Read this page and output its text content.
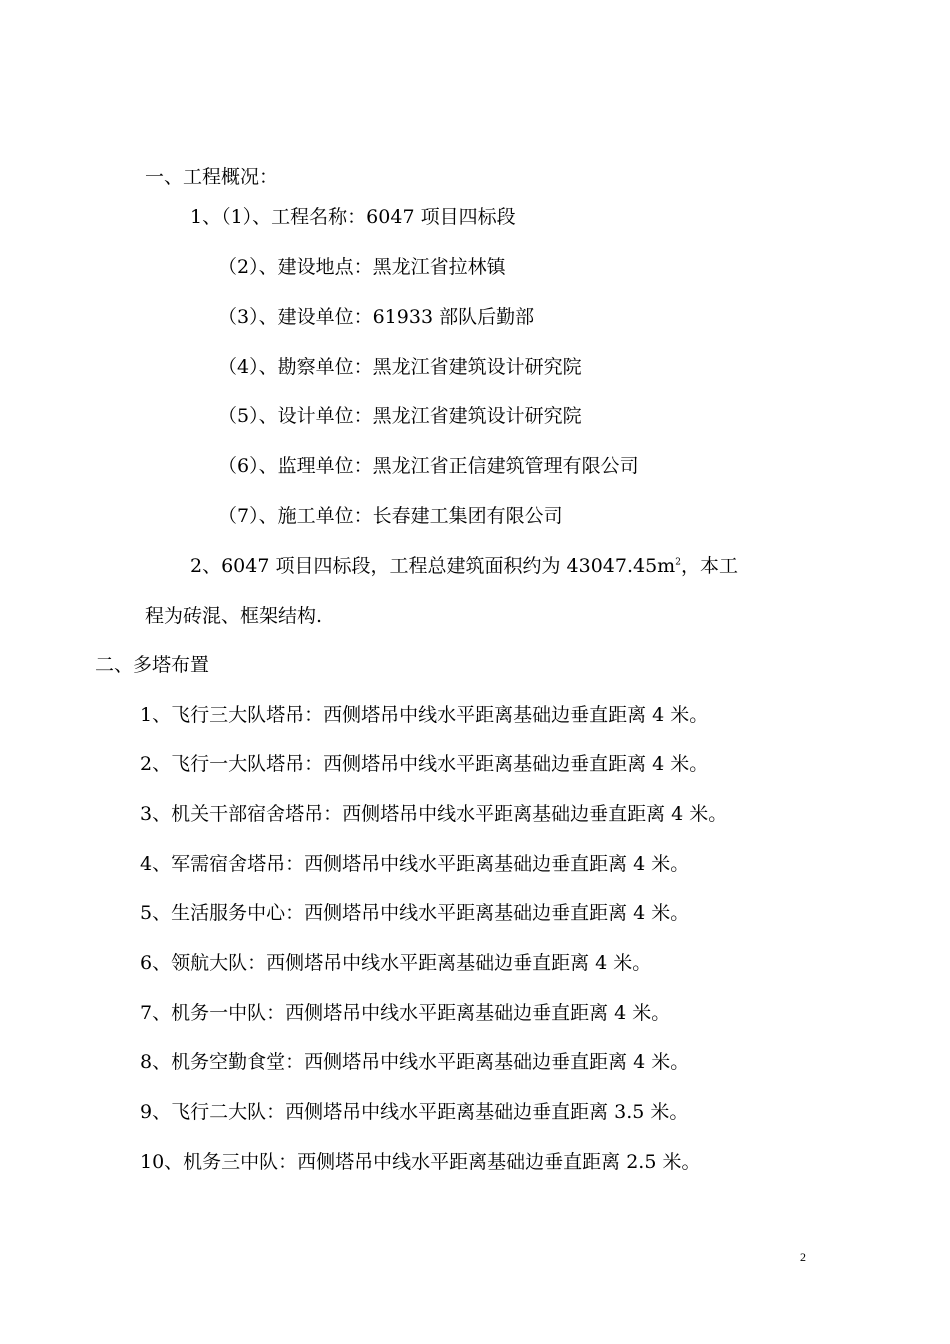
一、工程概况：
1、（1）、工程名称：6047 项目四标段
（2）、建设地点：黑龙江省拉林镇
（3）、建设单位：61933 部队后勤部
（4）、勘察单位：黑龙江省建筑设计研究院
（5）、设计单位：黑龙江省建筑设计研究院
（6）、监理单位：黑龙江省正信建筑管理有限公司
（7）、施工单位：长春建工集团有限公司
2、6047 项目四标段，工程总建筑面积约为 $43047.45m^2$，本工
程为砖混、框架结构.
二、多塔布置
1、飞行三大队塔吊：西侧塔吊中线水平距离基础边垂直距离 4 米。
2、飞行一大队塔吊：西侧塔吊中线水平距离基础边垂直距离 4 米。
3、机关干部宿舍塔吊：西侧塔吊中线水平距离基础边垂直距离 4 米。
4、军需宿舍塔吊：西侧塔吊中线水平距离基础边垂直距离 4 米。
5、生活服务中心：西侧塔吊中线水平距离基础边垂直距离 4 米。
6、领航大队：西侧塔吊中线水平距离基础边垂直距离 4 米。
7、机务一中队：西侧塔吊中线水平距离基础边垂直距离 4 米。
8、机务空勤食堂：西侧塔吊中线水平距离基础边垂直距离 4 米。
9、飞行二大队：西侧塔吊中线水平距离基础边垂直距离 3.5 米。
10、机务三中队：西侧塔吊中线水平距离基础边垂直距离 2.5 米。
2
